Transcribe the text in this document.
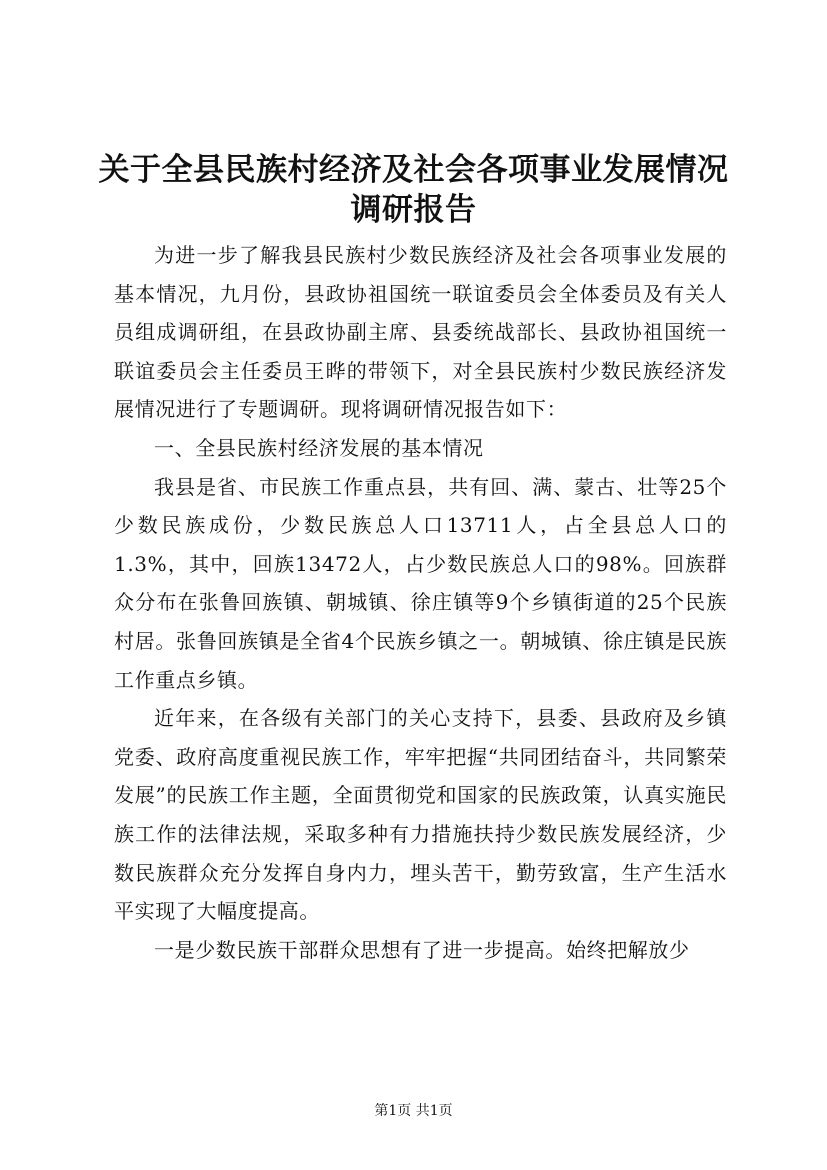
关于全县民族村经济及社会各项事业发展情况
调研报告

为进一步了解我县民族村少数民族经济及社会各项事业发展的基本情况，九月份，县政协祖国统一联谊委员会全体委员及有关人员组成调研组，在县政协副主席、县委统战部长、县政协祖国统一联谊委员会主任委员王晔的带领下，对全县民族村少数民族经济发展情况进行了专题调研。现将调研情况报告如下：

一、全县民族村经济发展的基本情况

我县是省、市民族工作重点县，共有回、满、蒙古、壮等25个少数民族成份，少数民族总人口13711人，占全县总人口的1.3%，其中，回族13472人，占少数民族总人口的98%。回族群众分布在张鲁回族镇、朝城镇、徐庄镇等9个乡镇街道的25个民族村居。张鲁回族镇是全省4个民族乡镇之一。朝城镇、徐庄镇是民族工作重点乡镇。

近年来，在各级有关部门的关心支持下，县委、县政府及乡镇党委、政府高度重视民族工作，牢牢把握“共同团结奋斗，共同繁荣发展”的民族工作主题，全面贯彻党和国家的民族政策，认真实施民族工作的法律法规，采取多种有力措施扶持少数民族发展经济，少数民族群众充分发挥自身内力，埋头苦干，勤劳致富，生产生活水平实现了大幅度提高。

一是少数民族干部群众思想有了进一步提高。始终把解放少

第1页 共1页
